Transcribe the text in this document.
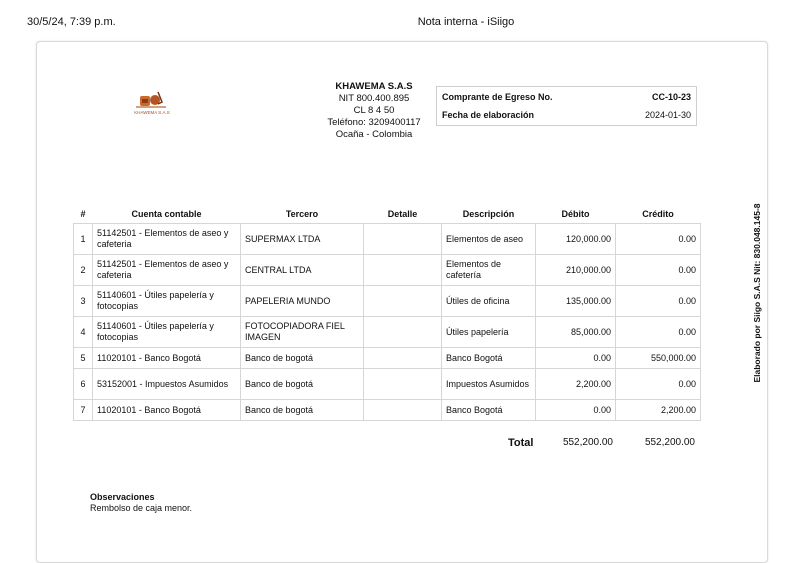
30/5/24, 7:39 p.m.	Nota interna - iSiigo
KHAWEMA S.A.S
KHAWEMA S.A.S
NIT 800.400.895
CL 8 4 50
Teléfono: 3209400117
Ocaña - Colombia
Comprante de Egreso No.	CC-10-23
Fecha de elaboración	2024-01-30
#	Cuenta contable	Tercero	Detalle	Descripción	Débito	Crédito
1	51142501 - Elementos de aseo y cafeteria	SUPERMAX LTDA		Elementos de aseo	120,000.00	0.00
2	51142501 - Elementos de aseo y cafeteria	CENTRAL LTDA		Elementos de cafetería	210,000.00	0.00
3	51140601 - Útiles papelería y fotocopias	PAPELERIA MUNDO		Útiles de oficina	135,000.00	0.00
4	51140601 - Útiles papelería y fotocopias	FOTOCOPIADORA FIEL IMAGEN		Útiles papelería	85,000.00	0.00
5	11020101 - Banco Bogotá	Banco de bogotá		Banco Bogotá	0.00	550,000.00
6	53152001 - Impuestos Asumidos	Banco de bogotá		Impuestos Asumidos	2,200.00	0.00
7	11020101 - Banco Bogotá	Banco de bogotá		Banco Bogotá	0.00	2,200.00
Total	552,200.00	552,200.00
Observaciones
Rembolso de caja menor.
Elaborado por Siigo S.A.S Nit: 830.048.145-8
